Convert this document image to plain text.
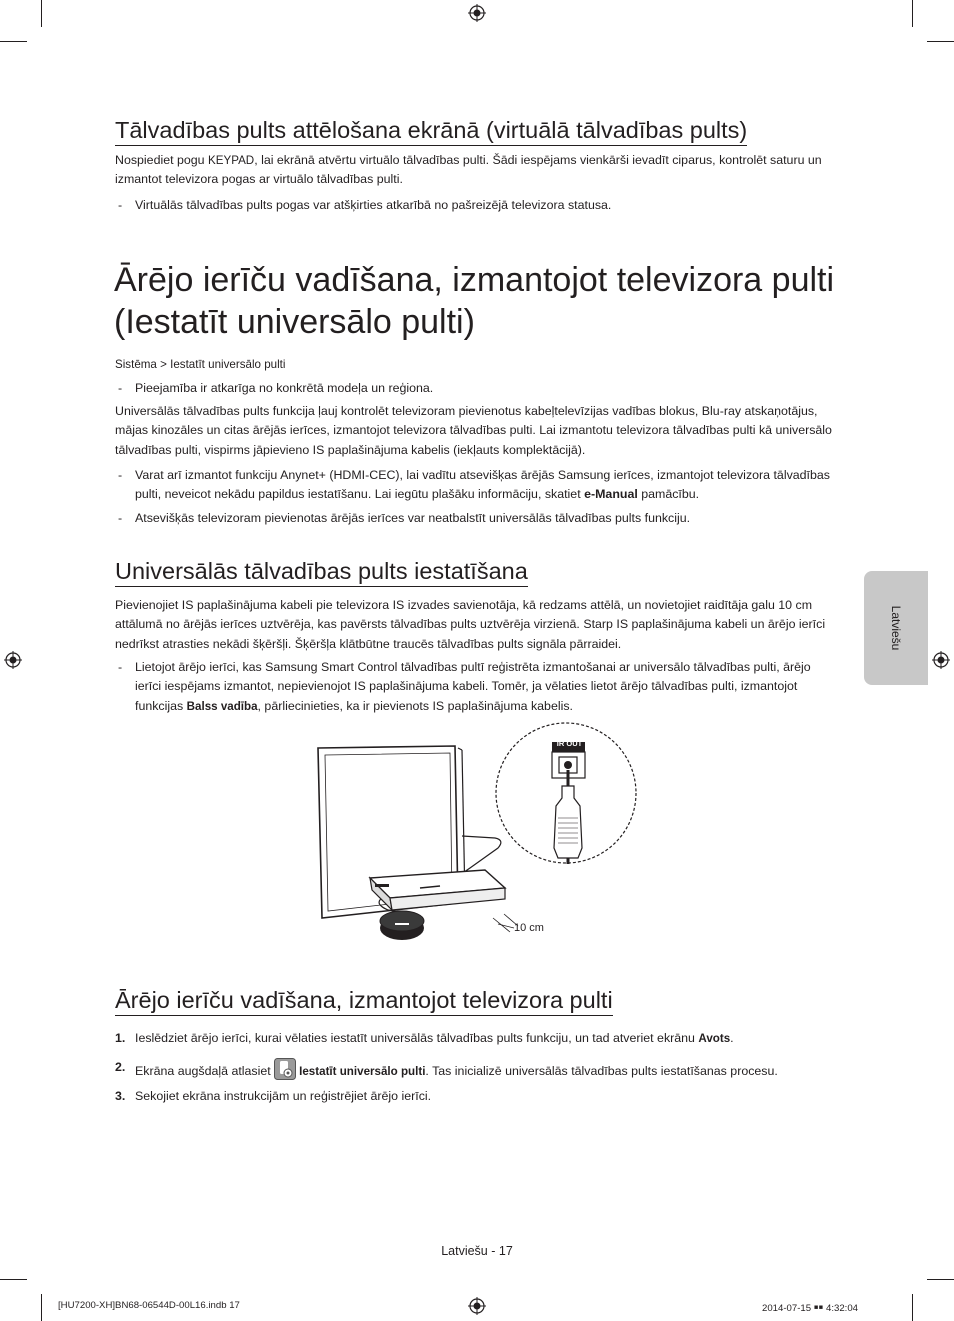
Tālvadības pults attēlošana ekrānā (virtuālā tālvadības pults)
Nospiediet pogu KEYPAD, lai ekrānā atvērtu virtuālo tālvadības pulti. Šādi iespējams vienkārši ievadīt ciparus, kontrolēt saturu un izmantot televizora pogas ar virtuālo tālvadības pulti.
- Virtuālās tālvadības pults pogas var atšķirties atkarībā no pašreizējā televizora statusa.
Ārējo ierīču vadīšana, izmantojot televizora pulti
(Iestatīt universālo pulti)
Sistēma > Iestatīt universālo pulti
- Pieejamība ir atkarīga no konkrētā modeļa un reģiona.
Universālās tālvadības pults funkcija ļauj kontrolēt televizoram pievienotus kabeļtelevīzijas vadības blokus, Blu-ray atskaņotājus, mājas kinozāles un citas ārējās ierīces, izmantojot televizora tālvadības pulti. Lai izmantotu televizora tālvadības pulti kā universālo tālvadības pulti, vispirms jāpievieno IS paplašinājuma kabelis (iekļauts komplektācijā).
- Varat arī izmantot funkciju Anynet+ (HDMI-CEC), lai vadītu atsevišķas ārējās Samsung ierīces, izmantojot televizora tālvadības pulti, neveicot nekādu papildus iestatīšanu. Lai iegūtu plašāku informāciju, skatiet e-Manual pamācību.
- Atsevišķās televizoram pievienotas ārējās ierīces var neatbalstīt universālās tālvadības pults funkciju.
Universālās tālvadības pults iestatīšana
Pievienojiet IS paplašinājuma kabeli pie televizora IS izvades savienotāja, kā redzams attēlā, un novietojiet raidītāja galu 10 cm attālumā no ārējās ierīces uztvērēja, kas pavērsts tālvadības pults uztvērēja virzienā. Starp IS paplašinājuma kabeli un ārējo ierīci nedrīkst atrasties nekādi šķēršļi. Šķēršļa klātbūtne traucēs tālvadības pults signāla pārraidei.
- Lietojot ārējo ierīci, kas Samsung Smart Control tālvadības pultī reģistrēta izmantošanai ar universālo tālvadības pulti, ārējo ierīci iespējams izmantot, nepievienojot IS paplašinājuma kabeli. Tomēr, ja vēlaties lietot ārējo tālvadības pulti, izmantojot funkcijas Balss vadība, pārliecinieties, ka ir pievienots IS paplašinājuma kabelis.
IR OUT
10 cm
Ārējo ierīču vadīšana, izmantojot televizora pulti
1. Ieslēdziet ārējo ierīci, kurai vēlaties iestatīt universālās tālvadības pults funkciju, un tad atveriet ekrānu Avots.
2. Ekrāna augšdaļā atlasiet Iestatīt universālo pulti. Tas inicializē universālās tālvadības pults iestatīšanas procesu.
3. Sekojiet ekrāna instrukcijām un reģistrējiet ārējo ierīci.
Latviešu
Latviešu - 17
[HU7200-XH]BN68-06544D-00L16.indb 17	2014-07-15 ￭￭ 4:32:04
